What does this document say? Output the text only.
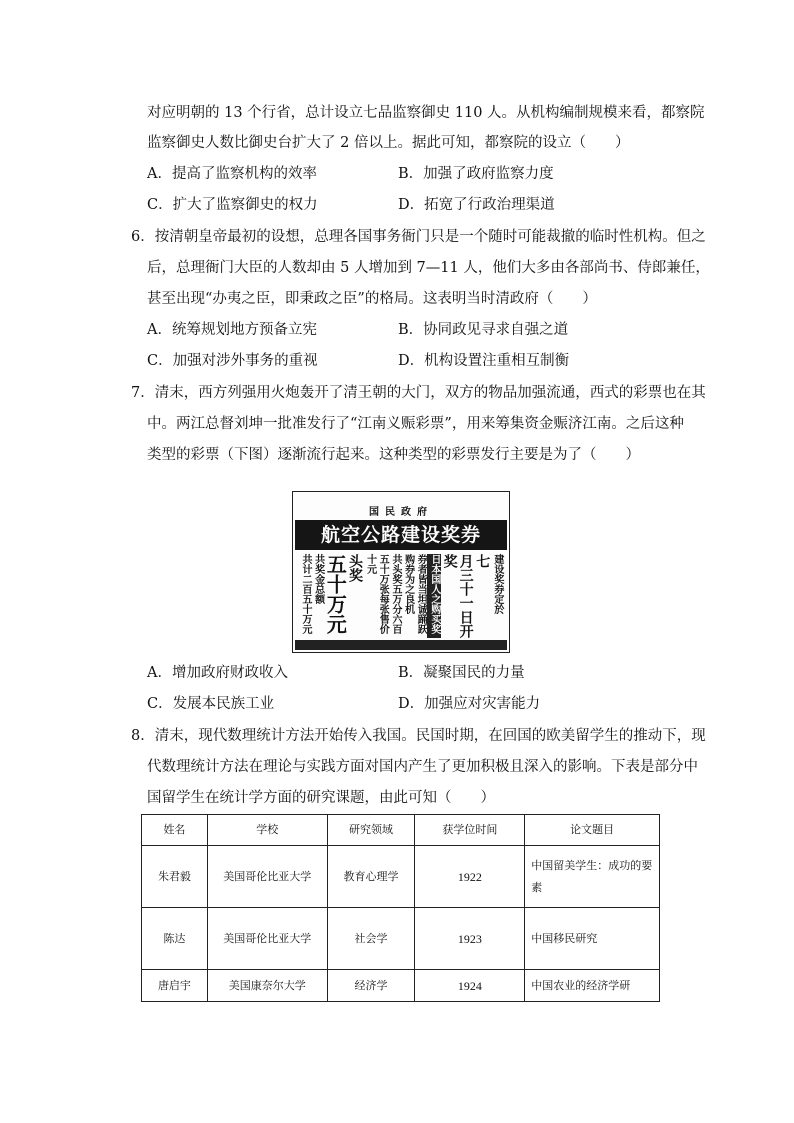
对应明朝的 13 个行省，总计设立七品监察御史 110 人。从机构编制规模来看，都察院
监察御史人数比御史台扩大了 2 倍以上。据此可知，都察院的设立（　　）
A．提高了监察机构的效率	B．加强了政府监察力度
C．扩大了监察御史的权力	D．拓宽了行政治理渠道
6．按清朝皇帝最初的设想，总理各国事务衙门只是一个随时可能裁撤的临时性机构。但之
后，总理衙门大臣的人数却由 5 人增加到 7—11 人，他们大多由各部尚书、侍郎兼任，
甚至出现“办夷之臣，即秉政之臣”的格局。这表明当时清政府（　　）
A．统筹规划地方预备立宪	B．协同政见寻求自强之道
C．加强对涉外事务的重视	D．机构设置注重相互制衡
7．清末，西方列强用火炮轰开了清王朝的大门，双方的物品加强流通，西式的彩票也在其
中。两江总督刘坤一批准发行了“江南义赈彩票”，用来筹集资金赈济江南。之后这种
类型的彩票（下图）逐渐流行起来。这种类型的彩票发行主要是为了（　　）
国民政府
航空公路建设奖券
建设奖券定於
七
月三十一日开奖
日本国人之购买奖
券者皆当坦诚踊跃
购券为之良机
共头奖五万分六百
五十万张每张售价
十元
头奖
五十万元
共奖金总额
共计二百五十万元
A．增加政府财政收入	B．凝聚国民的力量
C．发展本民族工业	D．加强应对灾害能力
8．清末，现代数理统计方法开始传入我国。民国时期，在回国的欧美留学生的推动下，现
代数理统计方法在理论与实践方面对国内产生了更加积极且深入的影响。下表是部分中
国留学生在统计学方面的研究课题，由此可知（　　）
姓名	学校	研究领域	获学位时间	论文题目
朱君毅	美国哥伦比亚大学	教育心理学	1922	中国留美学生：成功的要素
陈达	美国哥伦比亚大学	社会学	1923	中国移民研究
唐启宇	美国康奈尔大学	经济学	1924	中国农业的经济学研
